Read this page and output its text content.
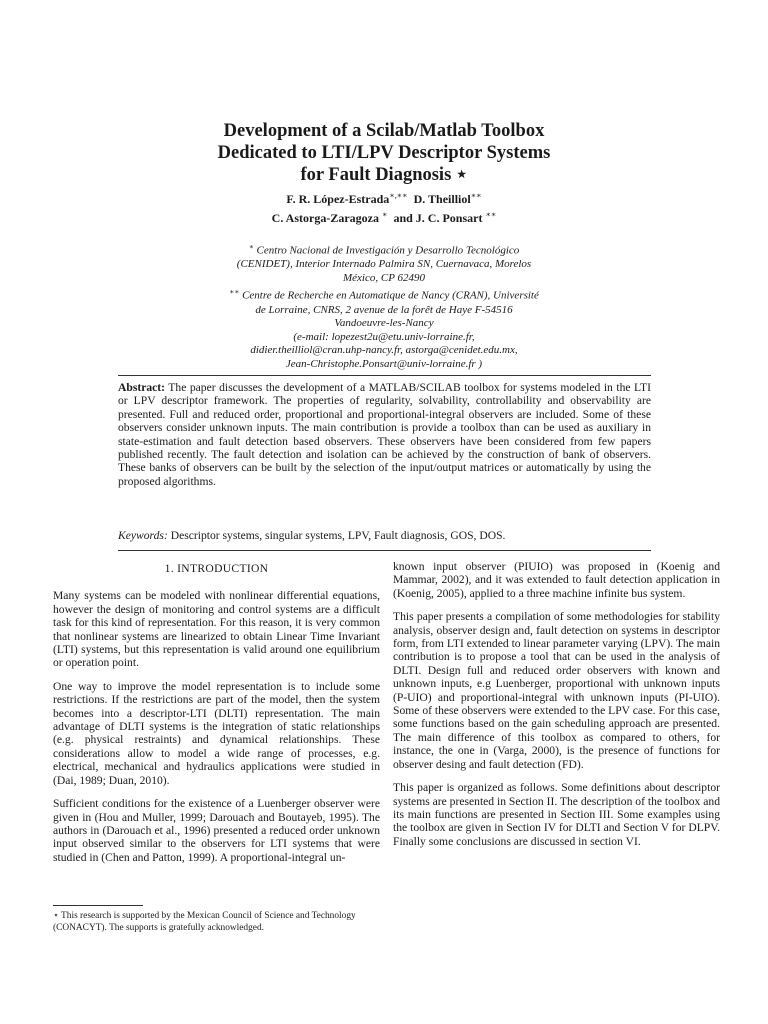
Development of a Scilab/Matlab Toolbox
Dedicated to LTI/LPV Descriptor Systems
for Fault Diagnosis ⋆
F. R. López-Estrada∗,∗∗ D. Theilliol∗∗
C. Astorga-Zaragoza ∗ and J. C. Ponsart ∗∗
∗ Centro Nacional de Investigación y Desarrollo Tecnológico
(CENIDET), Interior Internado Palmira SN, Cuernavaca, Morelos
México, CP 62490
∗∗ Centre de Recherche en Automatique de Nancy (CRAN), Université
de Lorraine, CNRS, 2 avenue de la forêt de Haye F-54516
Vandoeuvre-les-Nancy
(e-mail: lopezest2u@etu.univ-lorraine.fr,
didier.theilliol@cran.uhp-nancy.fr, astorga@cenidet.edu.mx,
Jean-Christophe.Ponsart@univ-lorraine.fr )
Abstract: The paper discusses the development of a MATLAB/SCILAB toolbox for systems modeled in the LTI or LPV descriptor framework. The properties of regularity, solvability, controllability and observability are presented. Full and reduced order, proportional and proportional-integral observers are included. Some of these observers consider unknown inputs. The main contribution is provide a toolbox than can be used as auxiliary in state-estimation and fault detection based observers. These observers have been considered from few papers published recently. The fault detection and isolation can be achieved by the construction of bank of observers. These banks of observers can be built by the selection of the input/output matrices or automatically by using the proposed algorithms.
Keywords: Descriptor systems, singular systems, LPV, Fault diagnosis, GOS, DOS.
1. INTRODUCTION

Many systems can be modeled with nonlinear differential equations, however the design of monitoring and control systems are a difficult task for this kind of representation. For this reason, it is very common that nonlinear systems are linearized to obtain Linear Time Invariant (LTI) systems, but this representation is valid around one equilibrium or operation point.

One way to improve the model representation is to include some restrictions. If the restrictions are part of the model, then the system becomes into a descriptor-LTI (DLTI) representation. The main advantage of DLTI systems is the integration of static relationships (e.g. physical restraints) and dynamical relationships. These considerations allow to model a wide range of processes, e.g. electrical, mechanical and hydraulics applications were studied in (Dai, 1989; Duan, 2010).

Sufficient conditions for the existence of a Luenberger observer were given in (Hou and Muller, 1999; Darouach and Boutayeb, 1995). The authors in (Darouach et al., 1996) presented a reduced order unknown input observed similar to the observers for LTI systems that were studied in (Chen and Patton, 1999). A proportional-integral un-

known input observer (PIUIO) was proposed in (Koenig and Mammar, 2002), and it was extended to fault detection application in (Koenig, 2005), applied to a three machine infinite bus system.

This paper presents a compilation of some methodologies for stability analysis, observer design and, fault detection on systems in descriptor form, from LTI extended to linear parameter varying (LPV). The main contribution is to propose a tool that can be used in the analysis of DLTI. Design full and reduced order observers with known and unknown inputs, e.g Luenberger, proportional with unknown inputs (P-UIO) and proportional-integral with unknown inputs (PI-UIO). Some of these observers were extended to the LPV case. For this case, some functions based on the gain scheduling approach are presented. The main difference of this toolbox as compared to others, for instance, the one in (Varga, 2000), is the presence of functions for observer desing and fault detection (FD).

This paper is organized as follows. Some definitions about descriptor systems are presented in Section II. The description of the toolbox and its main functions are presented in Section III. Some examples using the toolbox are given in Section IV for DLTI and Section V for DLPV. Finally some conclusions are discussed in section VI.

⋆ This research is supported by the Mexican Council of Science and Technology (CONACYT). The supports is gratefully acknowledged.
